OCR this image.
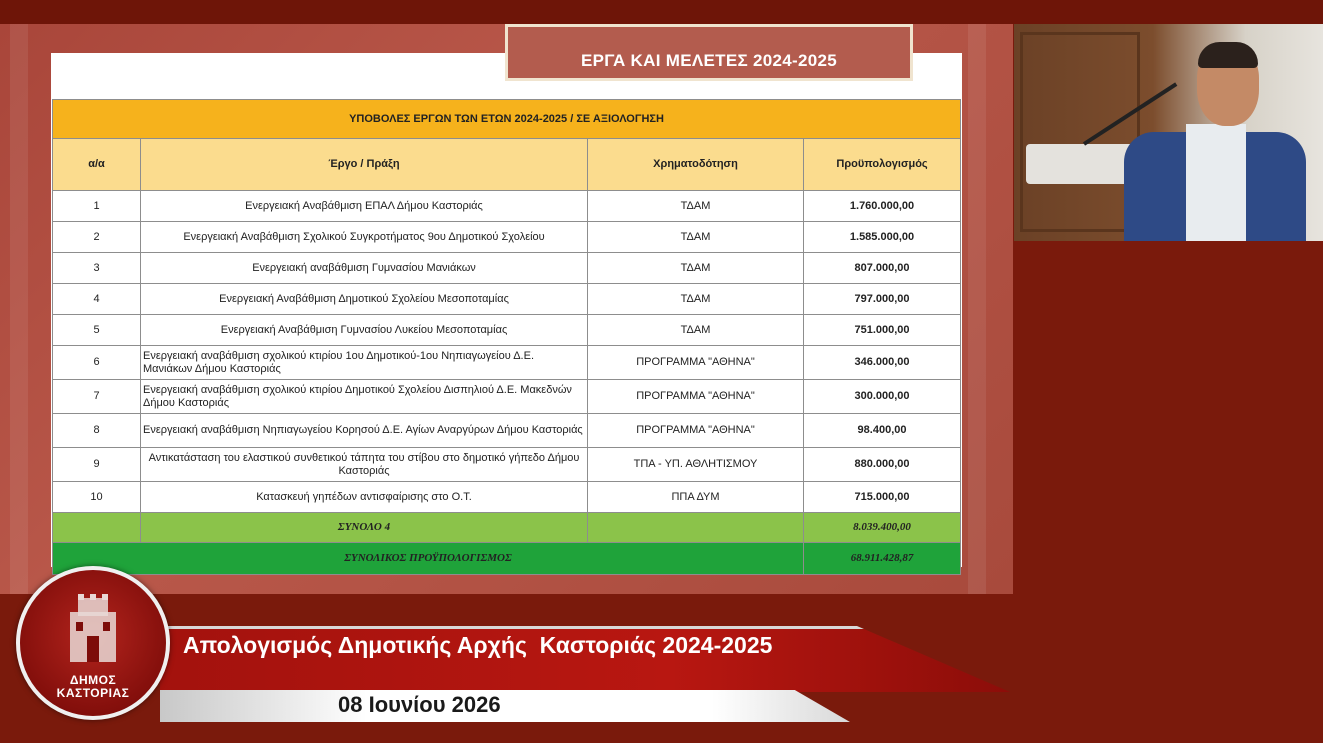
ΕΡΓΑ ΚΑΙ ΜΕΛΕΤΕΣ 2024-2025
ΥΠΟΒΟΛΕΣ ΕΡΓΩΝ ΤΩΝ ΕΤΩΝ 2024-2025 / ΣΕ ΑΞΙΟΛΟΓΗΣΗ			
α/α	Έργο / Πράξη	Χρηματοδότηση	Προϋπολογισμός
1	Ενεργειακή Αναβάθμιση ΕΠΑΛ Δήμου Καστοριάς	ΤΔΑΜ	1.760.000,00
2	Ενεργειακή Αναβάθμιση Σχολικού Συγκροτήματος 9ου Δημοτικού Σχολείου	ΤΔΑΜ	1.585.000,00
3	Ενεργειακή αναβάθμιση Γυμνασίου Μανιάκων	ΤΔΑΜ	807.000,00
4	Ενεργειακή Αναβάθμιση Δημοτικού Σχολείου Μεσοποταμίας	ΤΔΑΜ	797.000,00
5	Ενεργειακή Αναβάθμιση Γυμνασίου Λυκείου Μεσοποταμίας	ΤΔΑΜ	751.000,00
6	Ενεργειακή αναβάθμιση σχολικού κτιρίου 1ου Δημοτικού-1ου Νηπιαγωγείου Δ.Ε. Μανιάκων Δήμου Καστοριάς	ΠΡΟΓΡΑΜΜΑ "ΑΘΗΝΑ"	346.000,00
7	Ενεργειακή αναβάθμιση σχολικού κτιρίου Δημοτικού Σχολείου Δισπηλιού Δ.Ε. Μακεδνών Δήμου Καστοριάς	ΠΡΟΓΡΑΜΜΑ "ΑΘΗΝΑ"	300.000,00
8	Ενεργειακή αναβάθμιση Νηπιαγωγείου Κορησού Δ.Ε. Αγίων Αναργύρων Δήμου Καστοριάς	ΠΡΟΓΡΑΜΜΑ "ΑΘΗΝΑ"	98.400,00
9	Αντικατάσταση του ελαστικού συνθετικού τάπητα του στίβου στο δημοτικό γήπεδο Δήμου Καστοριάς	ΤΠΑ - ΥΠ. ΑΘΛΗΤΙΣΜΟΥ	880.000,00
10	Κατασκευή γηπέδων αντισφαίρισης στο Ο.Τ.	ΠΠΑ ΔΥΜ	715.000,00
	ΣΥΝΟΛΟ 4		8.039.400,00
ΣΥΝΟΛΙΚΟΣ ΠΡΟΫΠΟΛΟΓΙΣΜΟΣ			68.911.428,87
Απολογισμός Δημοτικής Αρχής  Καστοριάς 2024-2025
08 Ιουνίου 2026
ΔΗΜΟΣ
ΚΑΣΤΟΡΙΑΣ
